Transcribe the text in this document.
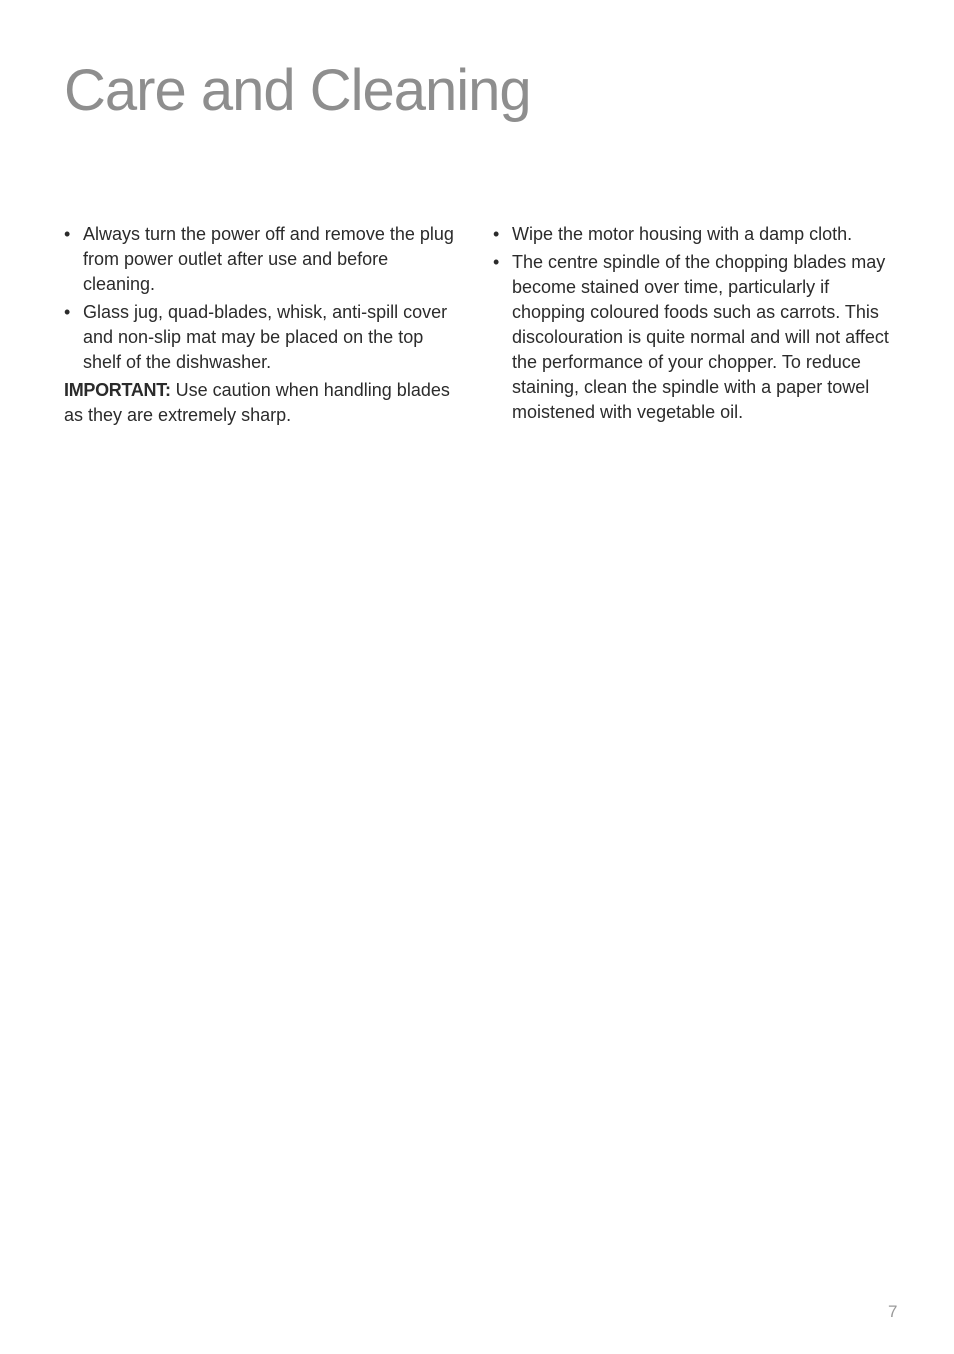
Care and Cleaning
• Always turn the power off and remove the plug from power outlet after use and before cleaning.
• Glass jug, quad-blades, whisk, anti-spill cover and non-slip mat may be placed on the top shelf of the dishwasher.

IMPORTANT: Use caution when handling blades as they are extremely sharp.

• Wipe the motor housing with a damp cloth.
• The centre spindle of the chopping blades may become stained over time, particularly if chopping coloured foods such as carrots. This discolouration is quite normal and will not affect the performance of your chopper. To reduce staining, clean the spindle with a paper towel moistened with vegetable oil.
7
